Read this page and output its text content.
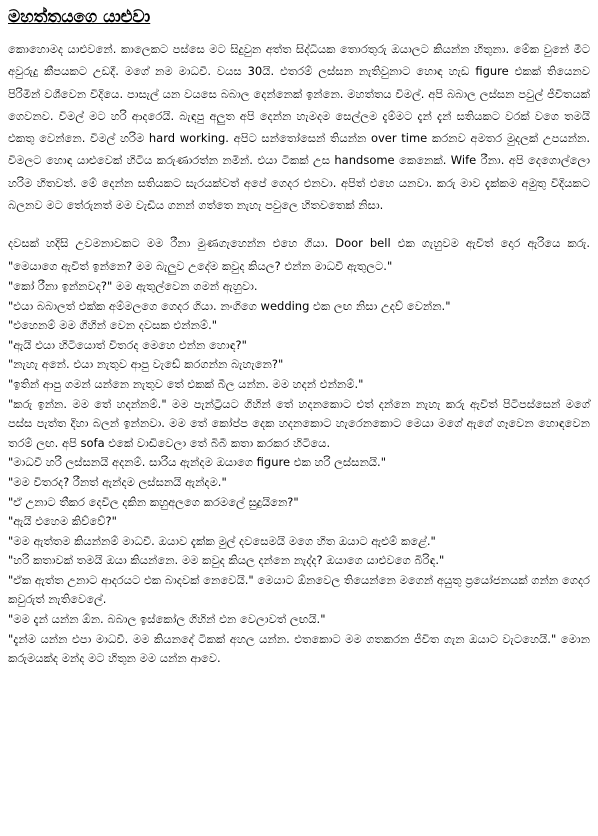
මහත්තයගෙ යාළුවා

කොහොමද යාළුවනේ. කාලෙකට පස්සෙ මට සිදුවුන අත්ත සිද්ධියක තොරතුරු ඔයාලට කියන්න හිතුනා. මේක වුනේ මීට අවුරුදු කීපයකට උඩදී. මගේ නම මාධවී. වයස 30යි. එතරම් ලස්සන නැතිවුනාට හොඳ හැඩ figure එකක් තියෙනව පිරිමින් වශීවෙන විදියෙ. පාසැල් යන වයසෙ බබාල දෙන්නෙක් ඉන්නෙ. මහත්තය විමල්. අපි බබාල ලස්සන පවුල් ජීවිතයක් ගෙවනව. විමල් මට හරි ආදරෙයි. බැඳපු අලුත අපි දෙන්න හැමදම සෙල්ලම දැම්මට දැන් දැන් සතියකට වරක් වගෙ තමයි එකතු වෙන්නෙ. විමල් හරිම hard working. අපිට සන්තෝසෙන් තියන්න over time කරනව අමතර මුදලක් උපයන්න. විමලට හොඳ යාළුවෙක් හිටිය කරුණාරත්න නමින්. එයා ටිකක් උස handsome කෙනෙක්. Wife රීනා. අපි දෙගොල්ලො හරිම හිතවත්. මේ දෙන්න සතියකට සැරයක්වත් අපේ ගෙදර එනවා. අපිත් එහෙ යනවා. කරු මාව දැක්කම අමුතු විදියකට බලනව මට තේරුනත් මම වැඩිය ගනන් ගත්තෙ නැහැ පවුලෙ හිතවතෙක් නිසා.

දවසක් හදිසි උවමනාවකට මම රීනා මුණගැහෙන්න එහෙ ගියා. Door bell එක ගැහුවම ඇවිත් දොර ඇරියෙ කරු. "මෙයාගෙ ඇවිත් ඉන්නෙ? මම බැලුව උදේම කවුද කියල? එන්න මාධවී ඇතුලට."

"කෝ රීනා ඉන්නවද?" මම ඇතුල්වෙන ගමන් ඇහුවා.

"එයා බබාලත් එක්ක අම්මලගෙ ගෙදර ගියා. නංගිගෙ wedding එක ලඟ නිසා උදව් වෙන්න."

"එහෙනම් මම ගිහින් වෙන දවසක එන්නම්."

"ඇයි එයා හිටියොත් විතරද මෙහෙ එන්න හොඳ?"

"නැහැ අනේ. එයා නැතුව ආපු වැඩේ කරගන්න බැහැනෙ?"

"ඉතින් ආපු ගමන් යන්නෙ නැතුව තේ එකක් බීල යන්න. මම හදන් එන්නම්."

"කරු ඉන්න. මම තේ හදන්නම්." මම පැන්ට්‍රියට ගිහින් තේ හදනකොට එත් දන්නෙ නැහැ කරු ඇවිත් පිටිපස්සෙන් මගේ පස්ස පැත්ත දිහා බලන් ඉන්නවා. මම තේ කෝප්ප දෙක හදනකොට හැරෙනකොට මෙයා මගේ ඇගේ ගෑවෙන හොඳවෙන තරම් ලඟ. අපි sofa එකේ වාඩිවෙලා තේ බිබී කතා කරකර හිටියෙ.

"මාධවී හරි ලස්සනයි අදනම්. සාරිය ඇන්දම ඔයාගෙ figure එක හරි ලස්සනයි."

"මම විතරද? රීනත් ඇන්දම ලස්සනයි ඇන්දම."

"ඒ උනාට තීකර දෙවිල දකින කහුඅලගෙ කරමලේ සුදුයිනෙ?"

"ඇයි එහෙම කිව්වේ?"

"මම ඇත්තම කියන්නම් මාධවී. ඔයාව දැක්ක මුල් දවසෙමයි මගෙ හිත ඔයාට ඇළුම් කළේ."

"හරි කතාවක් තමයි ඔයා කියන්නෙ. මම කවුද කියල දන්නෙ නැද්ද? ඔයාගෙ යාළුවගෙ බිරිඳ."

"ඒක ඇත්ත උනාට ආදරයට එක බාදවක් නෙවෙයි." මෙයාට ඕනවෙල තියෙන්නෙ මගෙන් අයුතු ප්‍රයෝජනයක් ගන්න ගෙදර කවුරුත් නැතිවෙලේ.

"මම දැන් යන්න ඕන. බබාල ඉස්කෝල ගිහින් එන වෙලාවත් ලඟයි."

"දැන්ම යන්න එපා මාධවී. මම කියනදේ ටිකක් අහල යන්න. එතකොට මම ගතකරන ජීවිත ගැන ඔයාට වැටහෙයි." මොන කරුමයක්ද මන්ද මට හිතුන මම යන්න ආවෙ.
